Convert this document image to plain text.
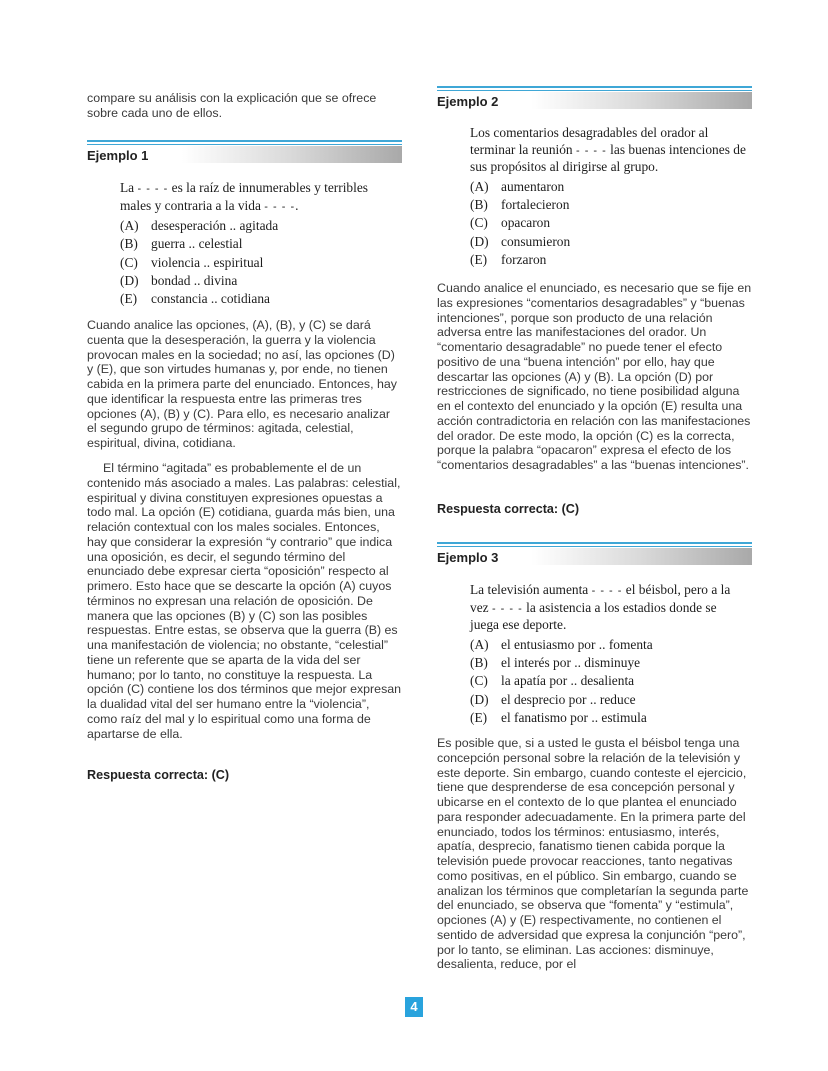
compare su análisis con la explicación que se ofrece sobre cada uno de ellos.

Ejemplo 1

La - - - - es la raíz de innumerables y terribles males y contraria a la vida - - - -.

(A) desesperación .. agitada
(B) guerra .. celestial
(C) violencia .. espiritual
(D) bondad .. divina
(E)	constancia .. cotidiana

Cuando analice las opciones, (A), (B), y (C) se dará cuenta que la desesperación, la guerra y la violencia provocan males en la sociedad; no así, las opciones (D) y (E), que son virtudes humanas y, por ende, no tienen cabida en la primera parte del enunciado. Entonces, hay que identificar la respuesta entre las primeras tres opciones (A), (B) y (C). Para ello, es necesario analizar el segundo grupo de términos: agitada, celestial, espiritual, divina, cotidiana.

El término “agitada” es probablemente el de un contenido más asociado a males. Las palabras: celestial, espiritual y divina constituyen expresiones opuestas a todo mal. La opción (E) cotidiana, guarda más bien, una relación contextual con los males sociales. Entonces, hay que considerar la expresión “y contrario” que indica una oposición, es decir, el segundo término del enunciado debe expresar cierta “oposición” respecto al primero. Esto hace que se descarte la opción (A) cuyos términos no expresan una relación de oposición. De manera que las opciones (B) y (C) son las posibles respuestas. Entre estas, se observa que la guerra (B) es una manifestación de violencia; no obstante, “celestial” tiene un referente que se aparta de la vida del ser humano; por lo tanto, no constituye la respuesta. La opción (C) contiene los dos términos que mejor expresan la dualidad vital del ser humano entre la “violencia”, como raíz del mal y lo espiritual como una forma de apartarse de ella.

Respuesta correcta: (C)

Ejemplo 2

Los comentarios desagradables del orador al terminar la reunión - - - - las buenas intenciones de sus propósitos al dirigirse al grupo.

(A) aumentaron
(B) fortalecieron
(C) opacaron
(D) consumieron
(E)	forzaron

Cuando analice el enunciado, es necesario que se fije en las expresiones “comentarios desagradables” y “buenas intenciones”, porque son producto de una relación adversa entre las manifestaciones del orador. Un “comentario desagradable” no puede tener el efecto positivo de una “buena intención” por ello, hay que descartar las opciones (A) y (B). La opción (D) por restricciones de significado, no tiene posibilidad alguna en el contexto del enunciado y la opción (E) resulta una acción contradictoria en relación con las manifestaciones del orador. De este modo, la opción (C) es la correcta, porque la palabra “opacaron” expresa el efecto de los “comentarios desagradables” a las “buenas intenciones”.

Respuesta correcta: (C)

Ejemplo 3

La televisión aumenta - - - - el béisbol, pero a la vez - - - - la asistencia a los estadios donde se juega ese deporte.

(A) el entusiasmo por .. fomenta
(B) el interés por .. disminuye
(C) la apatía por .. desalienta
(D) el desprecio por .. reduce
(E)	el fanatismo por .. estimula

Es posible que, si a usted le gusta el béisbol tenga una concepción personal sobre la relación de la televisión y este deporte. Sin embargo, cuando conteste el ejercicio, tiene que desprenderse de esa concepción personal y ubicarse en el contexto de lo que plantea el enunciado para responder adecuadamente. En la primera parte del enunciado, todos los términos: entusiasmo, interés, apatía, desprecio, fanatismo tienen cabida porque la televisión puede provocar reacciones, tanto negativas como positivas, en el público. Sin embargo, cuando se analizan los términos que completarían la segunda parte del enunciado, se observa que “fomenta” y “estimula”, opciones (A) y (E) respectivamente, no contienen el sentido de adversidad que expresa la conjunción “pero”, por lo tanto, se eliminan. Las acciones: disminuye, desalienta, reduce, por el

4
